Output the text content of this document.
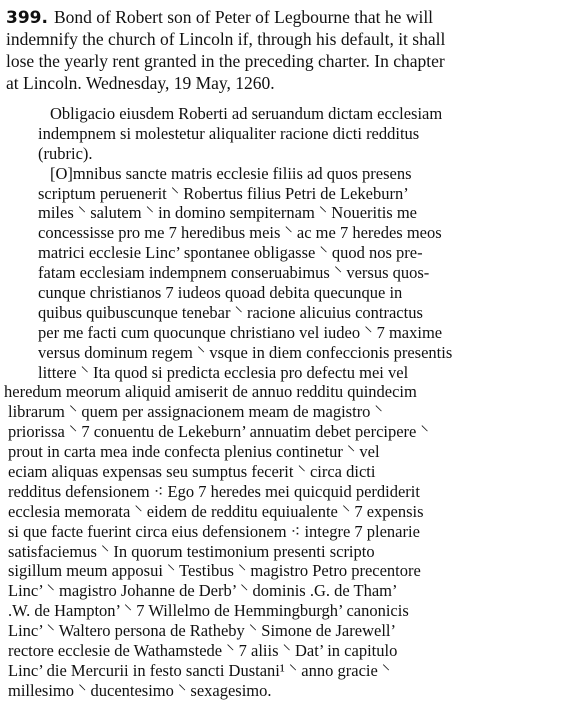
399. Bond of Robert son of Peter of Legbourne that he will
indemnify the church of Lincoln if, through his default, it shall
lose the yearly rent granted in the preceding charter. In chapter
at Lincoln. Wednesday, 19 May, 1260.
Obligacio eiusdem Roberti ad seruandum dictam ecclesiam
indempnem si molestetur aliqualiter racione dicti redditus
(rubric).
[O]mnibus sancte matris ecclesie filiis ad quos presens
scriptum peruenerit ⸌ Robertus filius Petri de Lekeburn’
miles ⸌ salutem ⸌ in domino sempiternam ⸌ Noueritis me
concessisse pro me 7 heredibus meis ⸌ ac me 7 heredes meos
matrici ecclesie Linc’ spontanee obligasse ⸌ quod nos pre-
fatam ecclesiam indempnem conseruabimus ⸌ versus quos-
cunque christianos 7 iudeos quoad debita quecunque in
quibus quibuscunque tenebar ⸌ racione alicuius contractus
per me facti cum quocunque christiano vel iudeo ⸌ 7 maxime
versus dominum regem ⸌ vsque in diem confeccionis presentis
littere ⸌ Ita quod si predicta ecclesia pro defectu mei vel
heredum meorum aliquid amiserit de annuo redditu quindecim
librarum ⸌ quem per assignacionem meam de magistro ⸌
priorissa ⸌ 7 conuentu de Lekeburn’ annuatim debet percipere ⸌
prout in carta mea inde confecta plenius continetur ⸌ vel
eciam aliquas expensas seu sumptus fecerit ⸌ circa dicti
redditus defensionem ⁖ Ego 7 heredes mei quicquid perdiderit
ecclesia memorata ⸌ eidem de redditu equiualente ⸌ 7 expensis
si que facte fuerint circa eius defensionem ⁖ integre 7 plenarie
satisfaciemus ⸌ In quorum testimonium presenti scripto
sigillum meum apposui ⸌ Testibus ⸌ magistro Petro precentore
Linc’ ⸌ magistro Johanne de Derb’ ⸌ dominis .G. de Tham’
.W. de Hampton’ ⸌ 7 Willelmo de Hemmingburgh’ canonicis
Linc’ ⸌ Waltero persona de Ratheby ⸌ Simone de Jarewell’
rectore ecclesie de Wathamstede ⸌ 7 aliis ⸌ Dat’ in capitulo
Linc’ die Mercurii in festo sancti Dustani¹ ⸌ anno gracie ⸌
millesimo ⸌ ducentesimo ⸌ sexagesimo.
